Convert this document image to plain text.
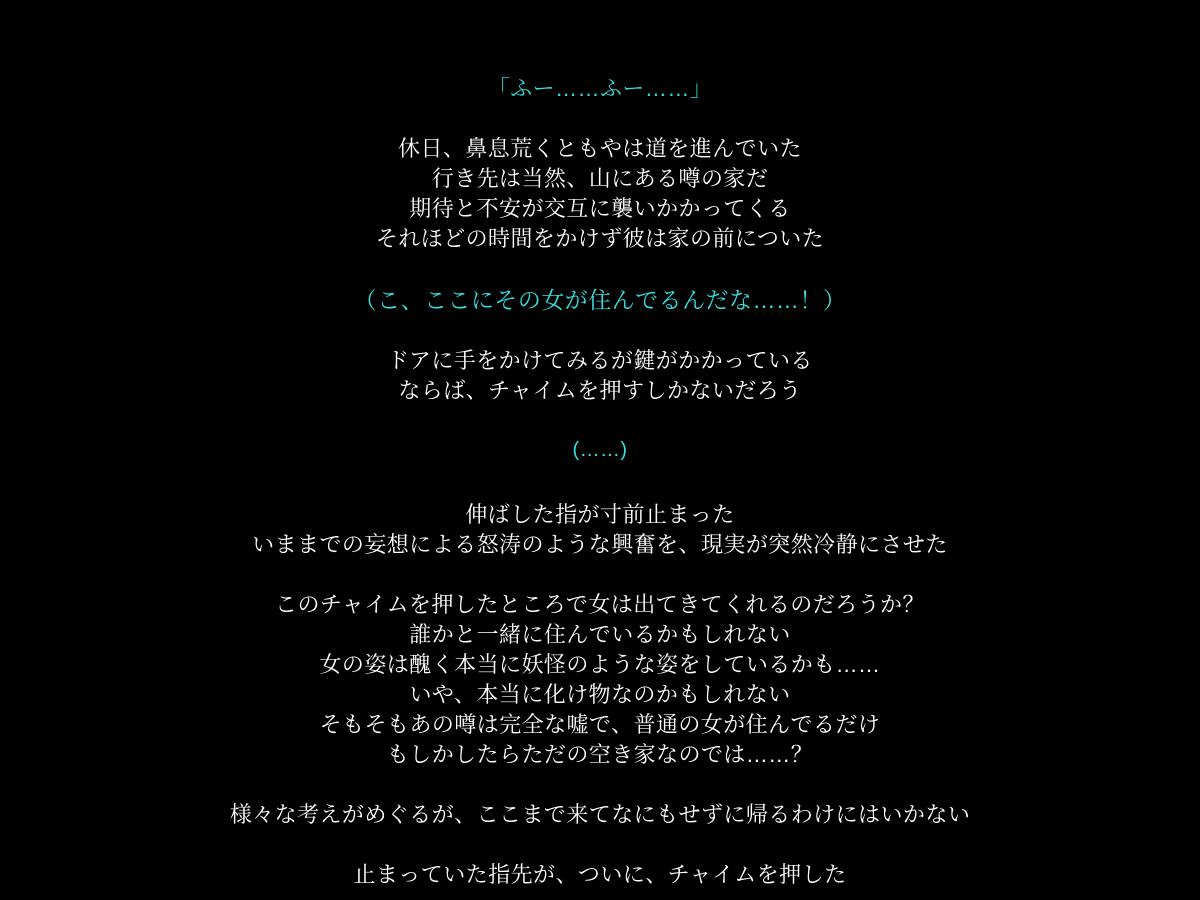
「ふー……ふー……」
休日、鼻息荒くともやは道を進んでいた
行き先は当然、山にある噂の家だ
期待と不安が交互に襲いかかってくる
それほどの時間をかけず彼は家の前についた
（こ、ここにその女が住んでるんだな……！）
ドアに手をかけてみるが鍵がかかっている
ならば、チャイムを押すしかないだろう
(……)
伸ばした指が寸前止まった
いままでの妄想による怒涛のような興奮を、現実が突然冷静にさせた
このチャイムを押したところで女は出てきてくれるのだろうか？
誰かと一緒に住んでいるかもしれない
女の姿は醜く本当に妖怪のような姿をしているかも……
いや、本当に化け物なのかもしれない
そもそもあの噂は完全な嘘で、普通の女が住んでるだけ
もしかしたらただの空き家なのでは……？
様々な考えがめぐるが、ここまで来てなにもせずに帰るわけにはいかない
止まっていた指先が、ついに、チャイムを押した
